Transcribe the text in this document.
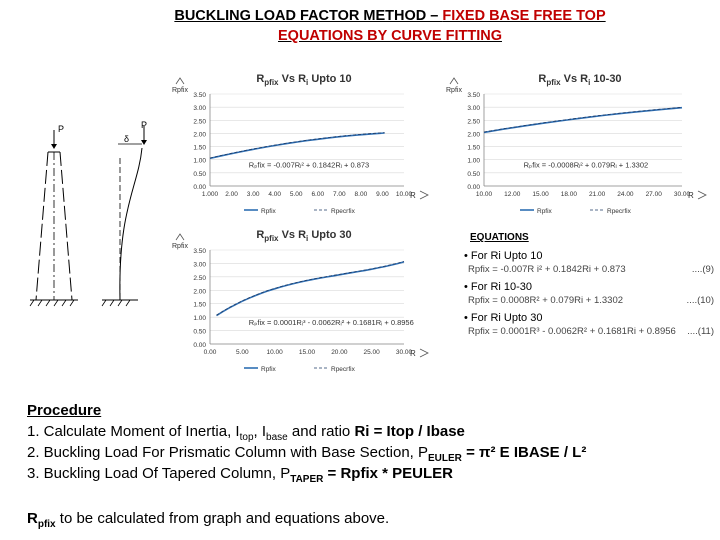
BUCKLING LOAD FACTOR METHOD – FIXED BASE FREE TOP
EQUATIONS BY CURVE FITTING
P	P
δ
$R_{pfix}$ Vs $R_i$ Upto 10
Rpfix
0.00
0.50
1.00
1.50
2.00
2.50
3.00
3.50
1.000 2.00 3.00 4.00 5.00 6.00 7.00 8.00 9.00 10.00
R
Rₚfix = -0.007Rᵢ² + 0.1842Rᵢ + 0.873
Rpfix	Rpecrfix
$R_{pfix}$ Vs $R_i$ 10-30
Rpfix
0.00
0.50
1.00
1.50
2.00
2.50
3.00
3.50
10.00 12.00 15.00 18.00 21.00 24.00 27.00 30.00
R
Rₚfix = -0.0008Rᵢ² + 0.079Rᵢ + 1.3302
Rpfix	Rpecrfix
$R_{pfix}$ Vs $R_i$ Upto 30
Rpfix
0.00
0.50
1.00
1.50
2.00
2.50
3.00
3.50
0.00	5.00	10.00 15.00 20.00 25.00 30.00
R
Rₚfix = 0.0001Rᵢ³ - 0.0062Rᵢ² + 0.1681Rᵢ + 0.8956
Rpfix	Rpecrfix
EQUATIONS
• For Ri Upto 10
Rpfix = -0.007R i² + 0.1842Ri + 0.873	....(9)
• For Ri 10-30
Rpfix = 0.0008R² + 0.079Ri + 1.3302	....(10)
• For Ri Upto 30
Rpfix = 0.0001R³ - 0.0062R² + 0.1681Ri + 0.8956 ....(11)
Procedure
1. Calculate Moment of Inertia, $I_{top}$, $I_{base}$ and ratio Ri = Itop / Ibase
2. Buckling Load For Prismatic Column with Base Section, $P_{EULER} = \pi^2$ E IBASE / L²
3. Buckling Load Of Tapered Column, $P_{TAPER}$ = Rpfix * PEULER
$R_{pfix}$ to be calculated from graph and equations above.
